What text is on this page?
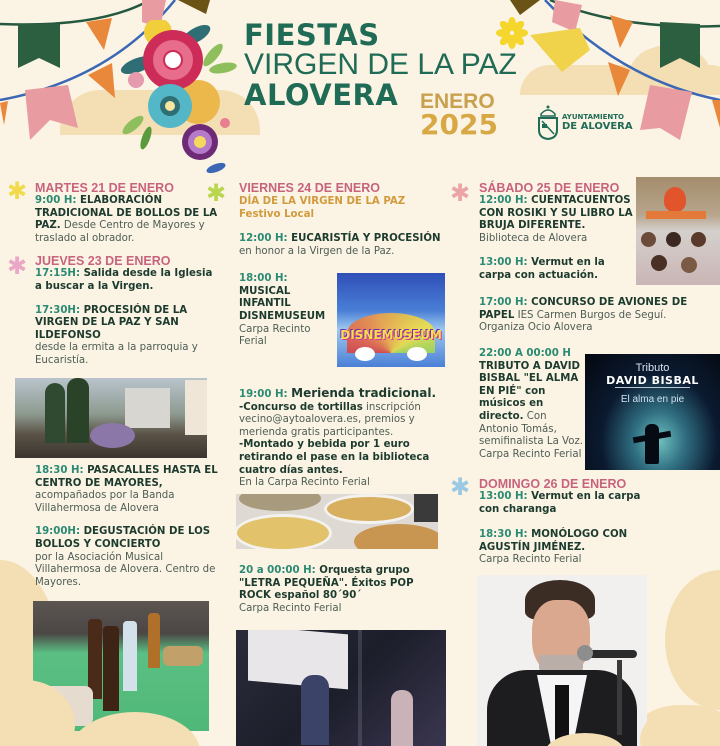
FIESTAS
VIRGEN DE LA PAZ
ALOVERA	ENERO
2025	AYUNTAMIENTO
DE ALOVERA
✱
✱
✱	✱
✱
MARTES 21 DE ENERO
9:00 H: ELABORACIÓN TRADICIONAL DE BOLLOS DE LA PAZ. Desde Centro de Mayores y traslado al obrador.
JUEVES 23 DE ENERO
17:15H: Salida desde la Iglesia a buscar a la Virgen.
17:30H: PROCESIÓN DE LA VIRGEN DE LA PAZ Y SAN ILDEFONSO
desde la ermita a la parroquia y Eucaristía.
18:30 H: PASACALLES HASTA EL CENTRO DE MAYORES,
acompañados por la Banda Villahermosa de Alovera
19:00H: DEGUSTACIÓN DE LOS BOLLOS Y CONCIERTO
por la Asociación Musical Villahermosa de Alovera. Centro de Mayores.
VIERNES 24 DE ENERO
DÍA DE LA VIRGEN DE LA PAZ
Festivo Local
12:00 H: EUCARISTÍA Y PROCESIÓN
en honor a la Virgen de la Paz.
18:00 H: MUSICAL INFANTIL DISNEMUSEUM
Carpa Recinto Ferial	DISNEMUSEUM
19:00 H: Merienda tradicional.
-Concurso de tortillas inscripción vecino@aytoalovera.es, premios y merienda gratis participantes.
-Montado y bebida por 1 euro retirando el pase en la biblioteca cuatro días antes.
En la Carpa Recinto Ferial
20 a 00:00 H: Orquesta grupo "LETRA PEQUEÑA". Éxitos POP ROCK español 80´90´
Carpa Recinto Ferial
SÁBADO 25 DE ENERO
12:00 H: CUENTACUENTOS CON ROSIKI Y SU LIBRO LA BRUJA DIFERENTE.
Biblioteca de Alovera
13:00 H: Vermut en la carpa con actuación.
17:00 H: CONCURSO DE AVIONES DE PAPEL IES Carmen Burgos de Seguí. Organiza Ocio Alovera
22:00 A 00:00 H
TRIBUTO A DAVID BISBAL "EL ALMA EN PIÉ" con músicos en directo. Con Antonio Tomás, semifinalista La Voz. Carpa Recinto Ferial
Tributo
DAVID BISBAL
El alma en pie
DOMINGO 26 DE ENERO
13:00 H: Vermut en la carpa con charanga
18:30 H: MONÓLOGO CON AGUSTÍN JIMÉNEZ.
Carpa Recinto Ferial
